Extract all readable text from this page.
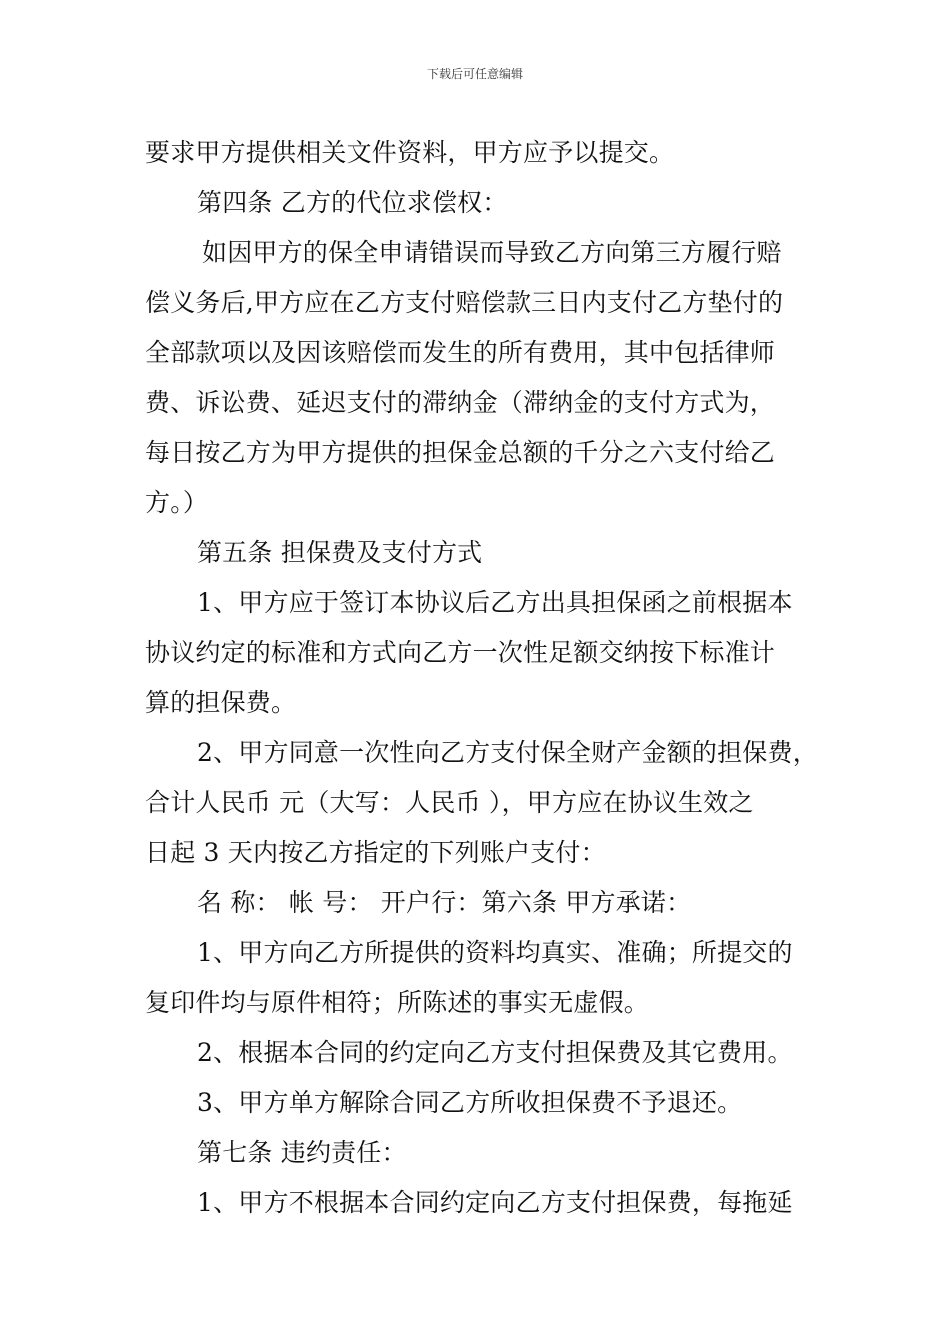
下载后可任意编辑
要求甲方提供相关文件资料，甲方应予以提交。
第四条 乙方的代位求偿权：
如因甲方的保全申请错误而导致乙方向第三方履行赔
偿义务后,甲方应在乙方支付赔偿款三日内支付乙方垫付的
全部款项以及因该赔偿而发生的所有费用，其中包括律师
费、诉讼费、延迟支付的滞纳金（滞纳金的支付方式为，
每日按乙方为甲方提供的担保金总额的千分之六支付给乙
方。）
第五条 担保费及支付方式
1、甲方应于签订本协议后乙方出具担保函之前根据本
协议约定的标准和方式向乙方一次性足额交纳按下标准计
算的担保费。
2、甲方同意一次性向乙方支付保全财产金额的担保费，
合计人民币 元（大写：人民币 ），甲方应在协议生效之
日起 3 天内按乙方指定的下列账户支付：
名 称： 帐 号： 开户行：第六条 甲方承诺：
1、甲方向乙方所提供的资料均真实、准确；所提交的
复印件均与原件相符；所陈述的事实无虚假。
2、根据本合同的约定向乙方支付担保费及其它费用。
3、甲方单方解除合同乙方所收担保费不予退还。
第七条 违约责任：
1、甲方不根据本合同约定向乙方支付担保费，每拖延
